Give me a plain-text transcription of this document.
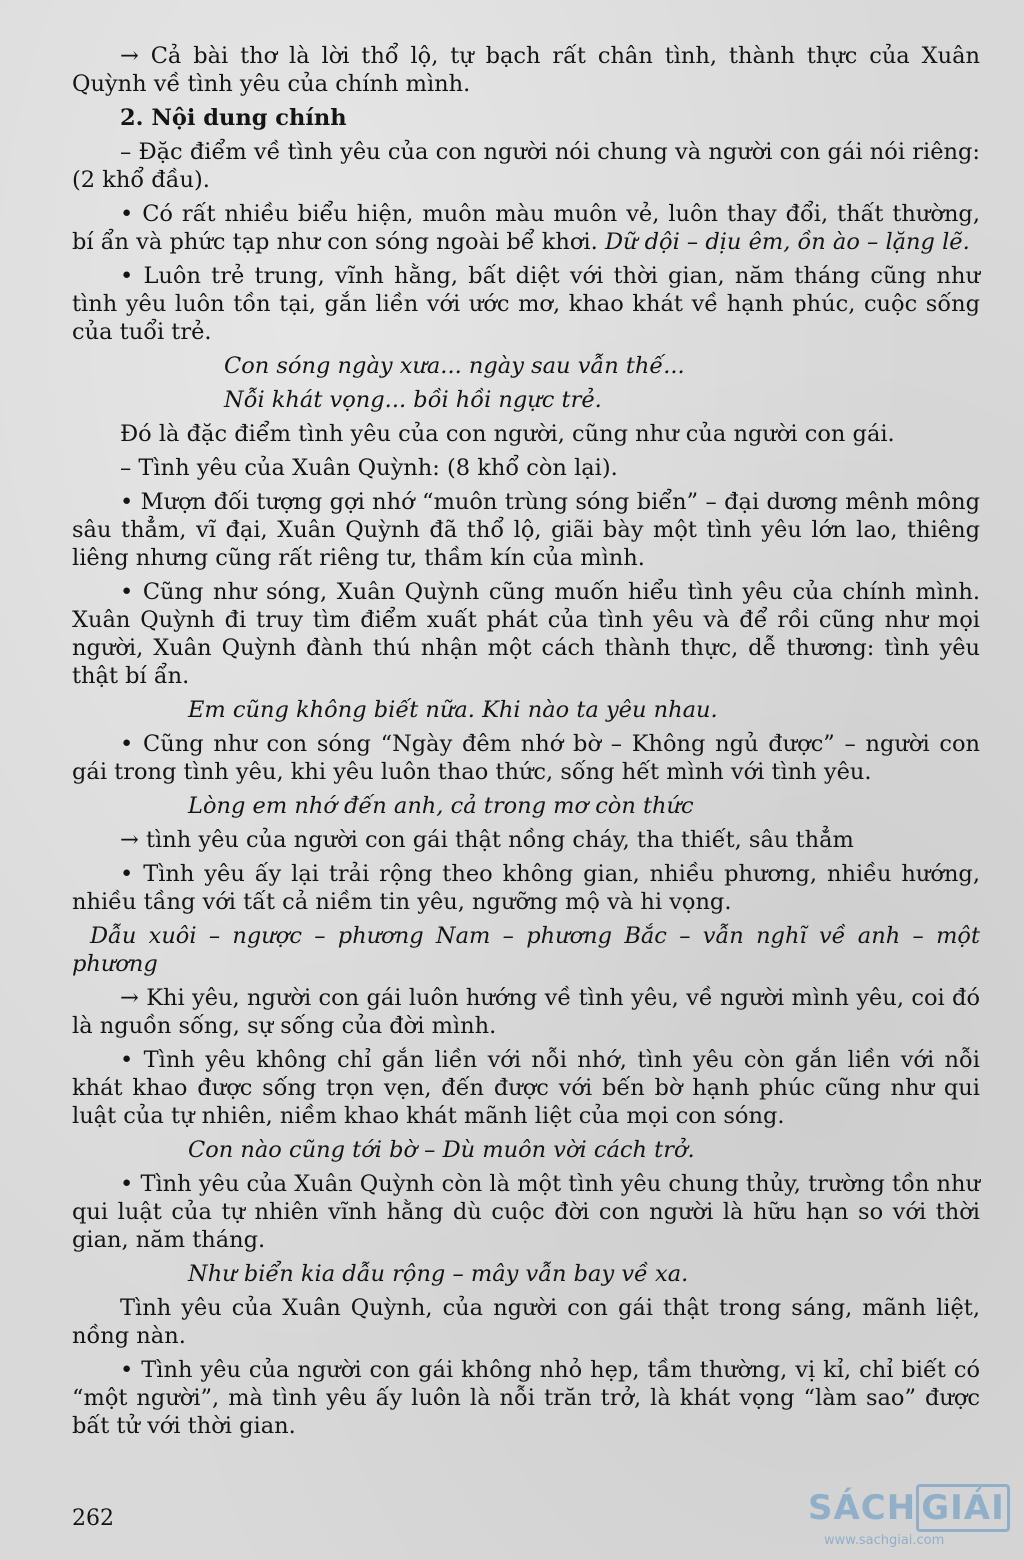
→ Cả bài thơ là lời thổ lộ, tự bạch rất chân tình, thành thực của Xuân Quỳnh về tình yêu của chính mình.

2. Nội dung chính

– Đặc điểm về tình yêu của con người nói chung và người con gái nói riêng: (2 khổ đầu).

• Có rất nhiều biểu hiện, muôn màu muôn vẻ, luôn thay đổi, thất thường, bí ẩn và phức tạp như con sóng ngoài bể khơi. Dữ dội – dịu êm, ồn ào – lặng lẽ.

• Luôn trẻ trung, vĩnh hằng, bất diệt với thời gian, năm tháng cũng như tình yêu luôn tồn tại, gắn liền với ước mơ, khao khát về hạnh phúc, cuộc sống của tuổi trẻ.

Con sóng ngày xưa... ngày sau vẫn thế...

Nỗi khát vọng... bồi hồi ngực trẻ.

Đó là đặc điểm tình yêu của con người, cũng như của người con gái.

– Tình yêu của Xuân Quỳnh: (8 khổ còn lại).

• Mượn đối tượng gợi nhớ “muôn trùng sóng biển” – đại dương mênh mông sâu thẳm, vĩ đại, Xuân Quỳnh đã thổ lộ, giãi bày một tình yêu lớn lao, thiêng liêng nhưng cũng rất riêng tư, thầm kín của mình.

• Cũng như sóng, Xuân Quỳnh cũng muốn hiểu tình yêu của chính mình. Xuân Quỳnh đi truy tìm điểm xuất phát của tình yêu và để rồi cũng như mọi người, Xuân Quỳnh đành thú nhận một cách thành thực, dễ thương: tình yêu thật bí ẩn.

Em cũng không biết nữa. Khi nào ta yêu nhau.

• Cũng như con sóng “Ngày đêm nhớ bờ – Không ngủ được” – người con gái trong tình yêu, khi yêu luôn thao thức, sống hết mình với tình yêu.

Lòng em nhớ đến anh, cả trong mơ còn thức

→ tình yêu của người con gái thật nồng cháy, tha thiết, sâu thẳm

• Tình yêu ấy lại trải rộng theo không gian, nhiều phương, nhiều hướng, nhiều tầng với tất cả niềm tin yêu, ngưỡng mộ và hi vọng.

Dẫu xuôi – ngược – phương Nam – phương Bắc – vẫn nghĩ về anh – một phương

→ Khi yêu, người con gái luôn hướng về tình yêu, về người mình yêu, coi đó là nguồn sống, sự sống của đời mình.

• Tình yêu không chỉ gắn liền với nỗi nhớ, tình yêu còn gắn liền với nỗi khát khao được sống trọn vẹn, đến được với bến bờ hạnh phúc cũng như qui luật của tự nhiên, niềm khao khát mãnh liệt của mọi con sóng.

Con nào cũng tới bờ – Dù muôn vời cách trở.

• Tình yêu của Xuân Quỳnh còn là một tình yêu chung thủy, trường tồn như qui luật của tự nhiên vĩnh hằng dù cuộc đời con người là hữu hạn so với thời gian, năm tháng.

Như biển kia dẫu rộng – mây vẫn bay về xa.

Tình yêu của Xuân Quỳnh, của người con gái thật trong sáng, mãnh liệt, nồng nàn.

• Tình yêu của người con gái không nhỏ hẹp, tầm thường, vị kỉ, chỉ biết có “một người”, mà tình yêu ấy luôn là nỗi trăn trở, là khát vọng “làm sao” được bất tử với thời gian.

262	SÁCH GIẢI
www.sachgiai.com
